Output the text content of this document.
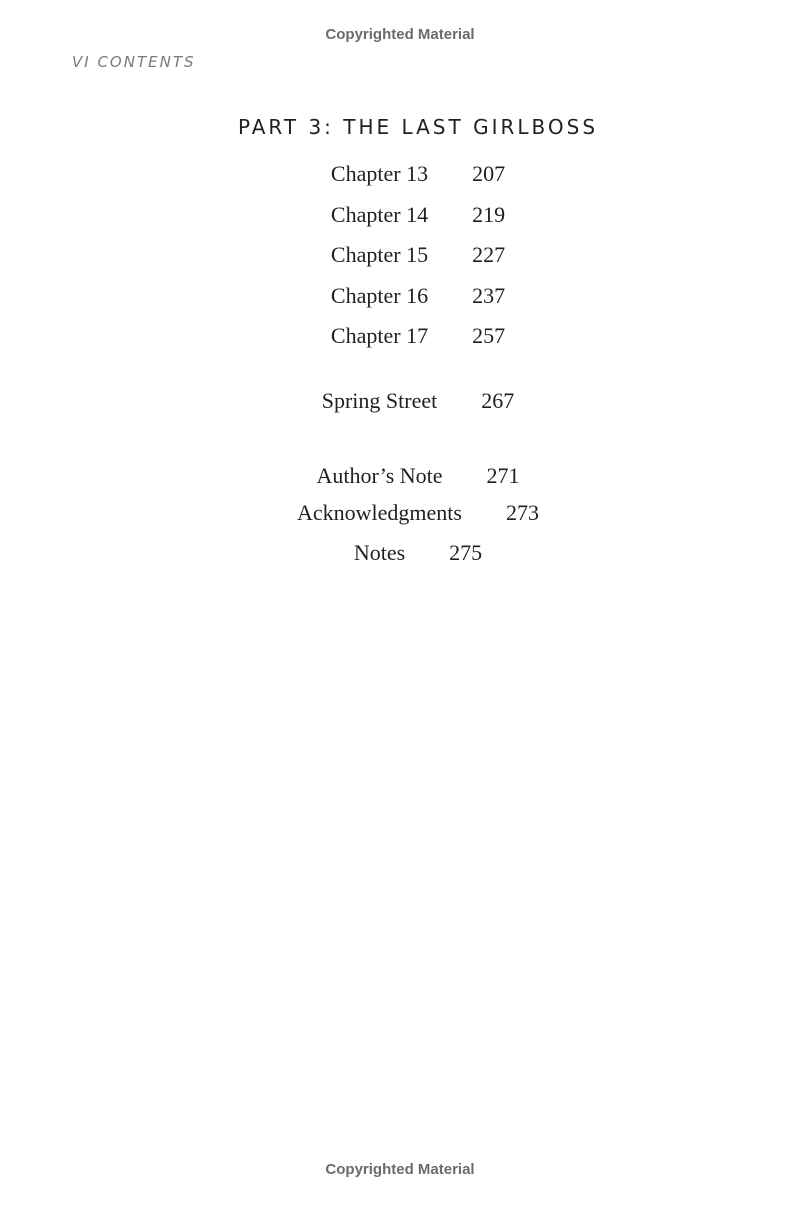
Copyrighted Material
VI CONTENTS
PART 3: THE LAST GIRLBOSS
Chapter 13 207
Chapter 14 219
Chapter 15 227
Chapter 16 237
Chapter 17 257
Spring Street 267
Author’s Note 271
Acknowledgments 273
Notes 275
Copyrighted Material
